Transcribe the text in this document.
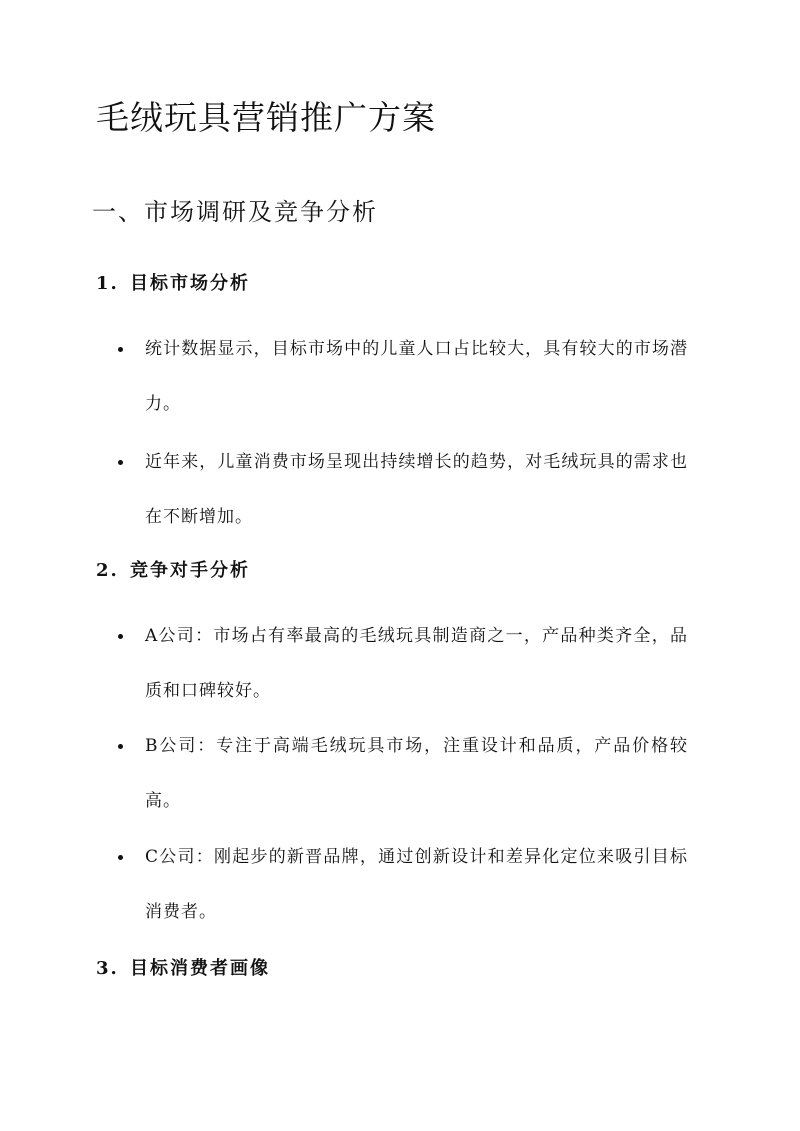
毛绒玩具营销推广方案
一、市场调研及竞争分析
1. 目标市场分析
统计数据显示，目标市场中的儿童人口占比较大，具有较大的市场潜力。
近年来，儿童消费市场呈现出持续增长的趋势，对毛绒玩具的需求也在不断增加。
2. 竞争对手分析
A公司：市场占有率最高的毛绒玩具制造商之一，产品种类齐全，品质和口碑较好。
B公司：专注于高端毛绒玩具市场，注重设计和品质，产品价格较高。
C公司：刚起步的新晋品牌，通过创新设计和差异化定位来吸引目标消费者。
3. 目标消费者画像
